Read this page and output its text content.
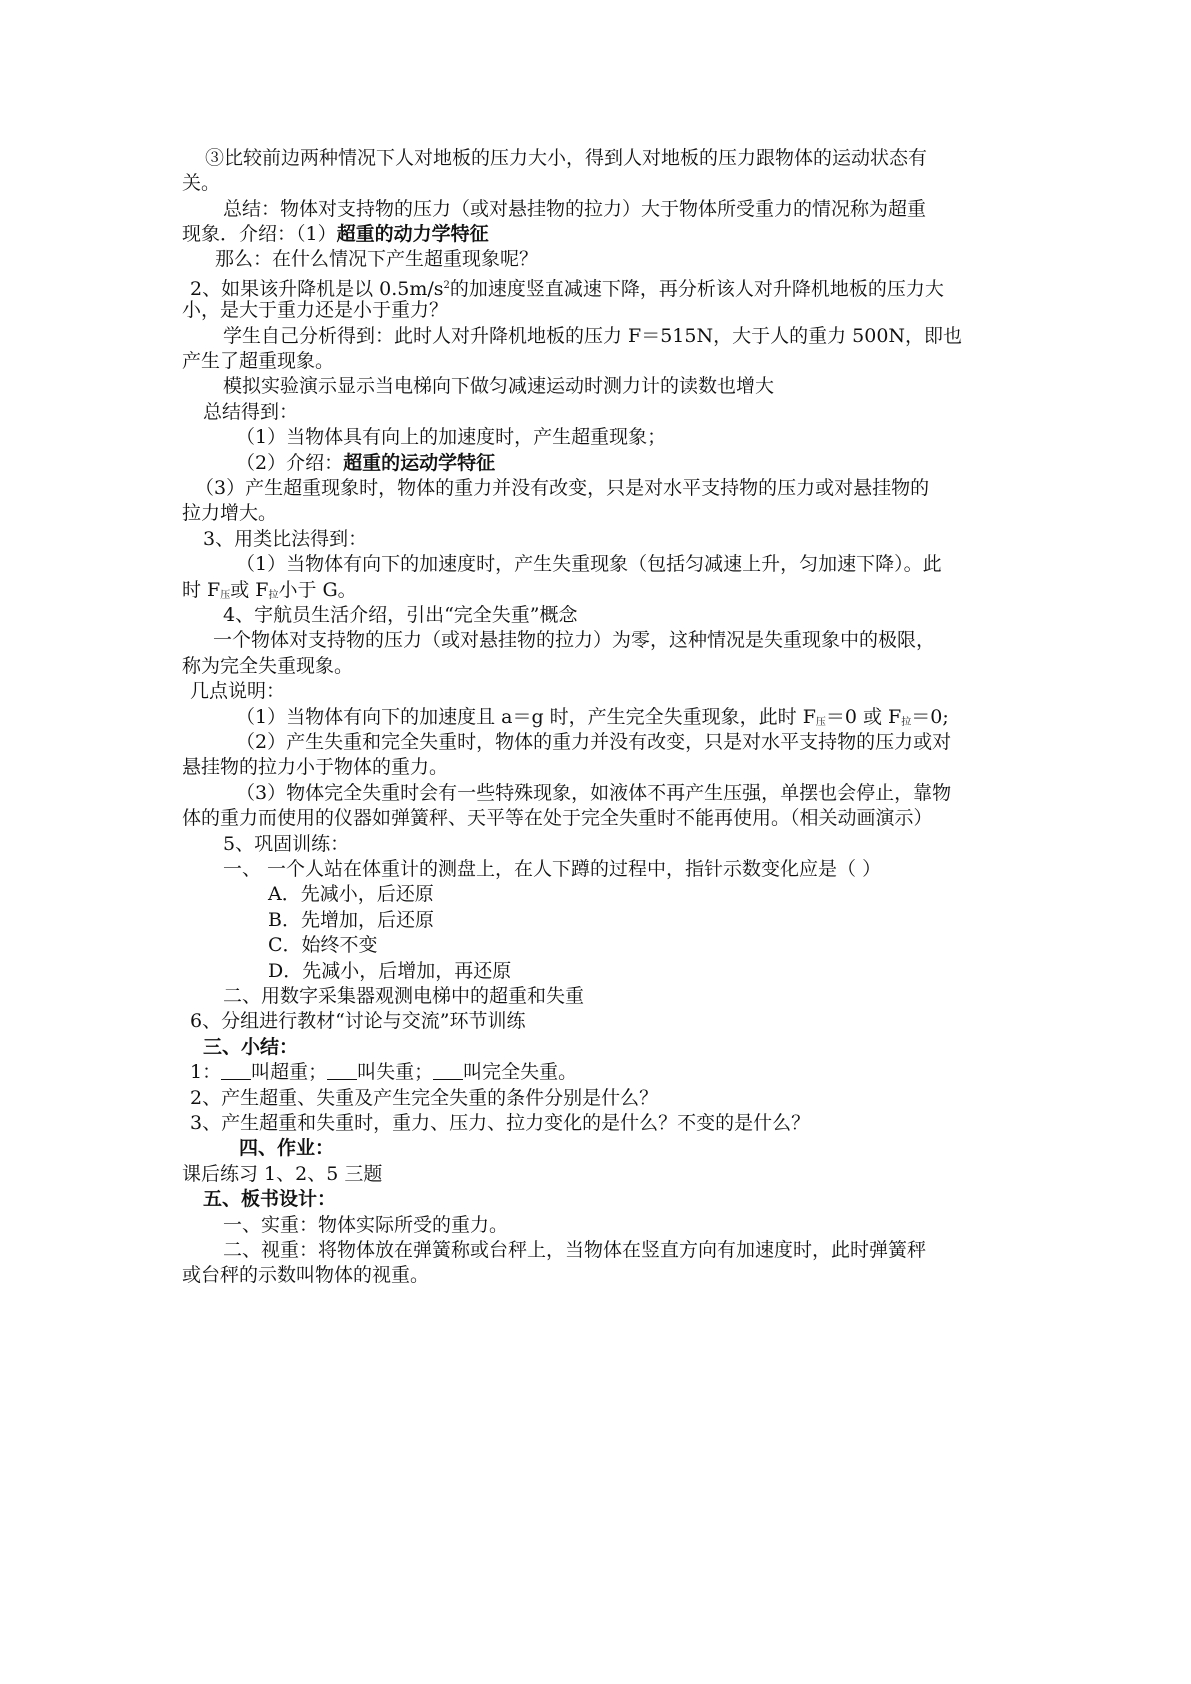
③比较前边两种情况下人对地板的压力大小，得到人对地板的压力跟物体的运动状态有
关。
总结：物体对支持物的压力（或对悬挂物的拉力）大于物体所受重力的情况称为超重
现象．介绍：（1）超重的动力学特征
那么：在什么情况下产生超重现象呢？
2、如果该升降机是以 $0.5m/s^2$的加速度竖直减速下降，再分析该人对升降机地板的压力大
小，是大于重力还是小于重力？
学生自己分析得到：此时人对升降机地板的压力 F＝515N，大于人的重力 500N，即也
产生了超重现象。
模拟实验演示显示当电梯向下做匀减速运动时测力计的读数也增大
总结得到：
（1）当物体具有向上的加速度时，产生超重现象；
（2）介绍：超重的运动学特征
（3）产生超重现象时，物体的重力并没有改变，只是对水平支持物的压力或对悬挂物的
拉力增大。
3、用类比法得到：
（1）当物体有向下的加速度时，产生失重现象（包括匀减速上升，匀加速下降）。此
时 $F_压$或 $F_拉$小于 G。
4、宇航员生活介绍，引出“完全失重”概念
一个物体对支持物的压力（或对悬挂物的拉力）为零，这种情况是失重现象中的极限，
称为完全失重现象。
几点说明：
（1）当物体有向下的加速度且 a＝g 时，产生完全失重现象，此时 $F_压=0$ 或 $F_拉=0$;
（2）产生失重和完全失重时，物体的重力并没有改变，只是对水平支持物的压力或对
悬挂物的拉力小于物体的重力。
（3）物体完全失重时会有一些特殊现象，如液体不再产生压强，单摆也会停止，靠物
体的重力而使用的仪器如弹簧秤、天平等在处于完全失重时不能再使用。（相关动画演示）
5、巩固训练：
一、 一个人站在体重计的测盘上，在人下蹲的过程中，指针示数变化应是（ ）
A．先减小，后还原
B．先增加，后还原
C．始终不变
D．先减小，后增加，再还原
二、用数字采集器观测电梯中的超重和失重
6、分组进行教材“讨论与交流”环节训练
三、小结：
1： 叫超重； 叫失重； 叫完全失重。
2、产生超重、失重及产生完全失重的条件分别是什么？
3、产生超重和失重时，重力、压力、拉力变化的是什么？不变的是什么？
四、作业：
课后练习 1、2、5 三题
五、板书设计：
一、实重：物体实际所受的重力。
二、视重：将物体放在弹簧称或台秤上，当物体在竖直方向有加速度时，此时弹簧秤
或台秤的示数叫物体的视重。
